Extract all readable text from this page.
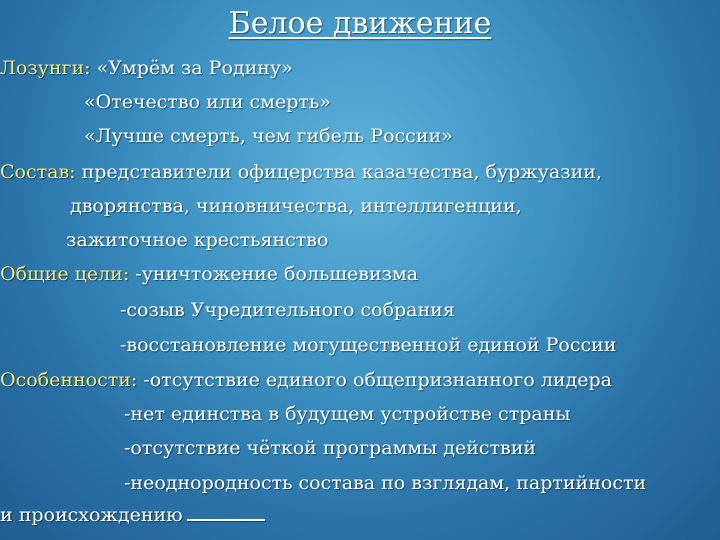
Белое движение
Лозунги: «Умрём за Родину»
«Отечество или смерть»
«Лучше смерть, чем гибель России»
Состав: представители офицерства казачества, буржуазии,
дворянства, чиновничества, интеллигенции,
зажиточное крестьянство
Общие цели: -уничтожение большевизма
-созыв Учредительного собрания
-восстановление могущественной единой России
Особенности: -отсутствие единого общепризнанного лидера
-нет единства в будущем устройстве страны
-отсутствие чёткой программы действий
-неоднородность состава по взглядам, партийности
и происхождению
